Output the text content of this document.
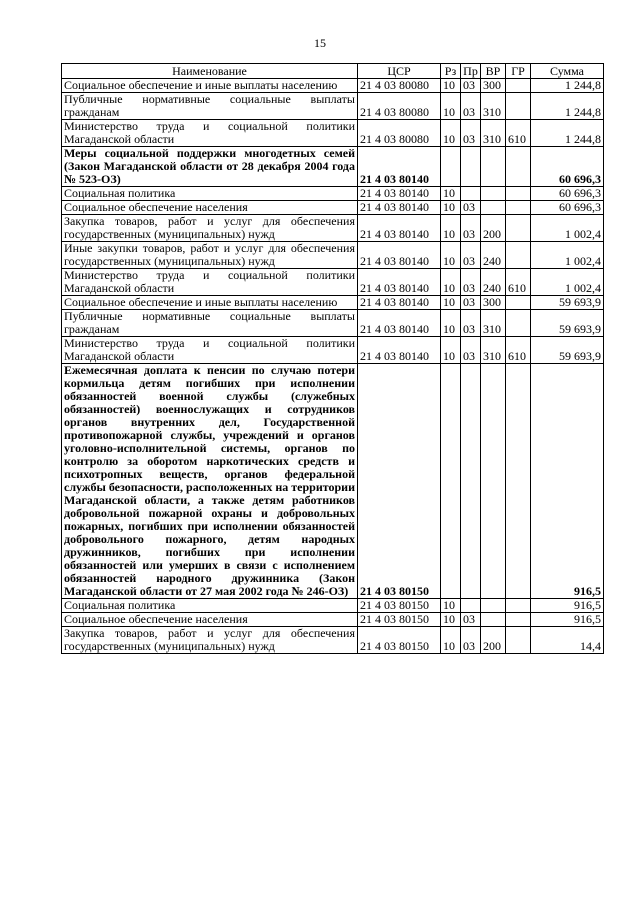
15
Наименование	ЦСР	Рз	Пр	ВР	ГР	Сумма
Социальное обеспечение и иные выплаты населению	21 4 03 80080	10	03	300		1 244,8
Публичные нормативные социальные выплаты гражданам	21 4 03 80080	10	03	310		1 244,8
Министерство труда и социальной политики Магаданской области	21 4 03 80080	10	03	310	610	1 244,8
Меры социальной поддержки многодетных семей (Закон Магаданской области от 28 декабря 2004 года № 523-ОЗ)	21 4 03 80140					60 696,3
Социальная политика	21 4 03 80140	10				60 696,3
Социальное обеспечение населения	21 4 03 80140	10	03			60 696,3
Закупка товаров, работ и услуг для обеспечения государственных (муниципальных) нужд	21 4 03 80140	10	03	200		1 002,4
Иные закупки товаров, работ и услуг для обеспечения государственных (муниципальных) нужд	21 4 03 80140	10	03	240		1 002,4
Министерство труда и социальной политики Магаданской области	21 4 03 80140	10	03	240	610	1 002,4
Социальное обеспечение и иные выплаты населению	21 4 03 80140	10	03	300		59 693,9
Публичные нормативные социальные выплаты гражданам	21 4 03 80140	10	03	310		59 693,9
Министерство труда и социальной политики Магаданской области	21 4 03 80140	10	03	310	610	59 693,9
Ежемесячная доплата к пенсии по случаю потери кормильца детям погибших при исполнении обязанностей военной службы (служебных обязанностей) военнослужащих и сотрудников органов внутренних дел, Государственной противопожарной службы, учреждений и органов уголовно-исполнительной системы, органов по контролю за оборотом наркотических средств и психотропных веществ, органов федеральной службы безопасности, расположенных на территории Магаданской области, а также детям работников добровольной пожарной охраны и добровольных пожарных, погибших при исполнении обязанностей добровольного пожарного, детям народных дружинников, погибших при исполнении обязанностей или умерших в связи с исполнением обязанностей народного дружинника (Закон Магаданской области от 27 мая 2002 года № 246-ОЗ)	21 4 03 80150					916,5
Социальная политика	21 4 03 80150	10				916,5
Социальное обеспечение населения	21 4 03 80150	10	03			916,5
Закупка товаров, работ и услуг для обеспечения государственных (муниципальных) нужд	21 4 03 80150	10	03	200		14,4
